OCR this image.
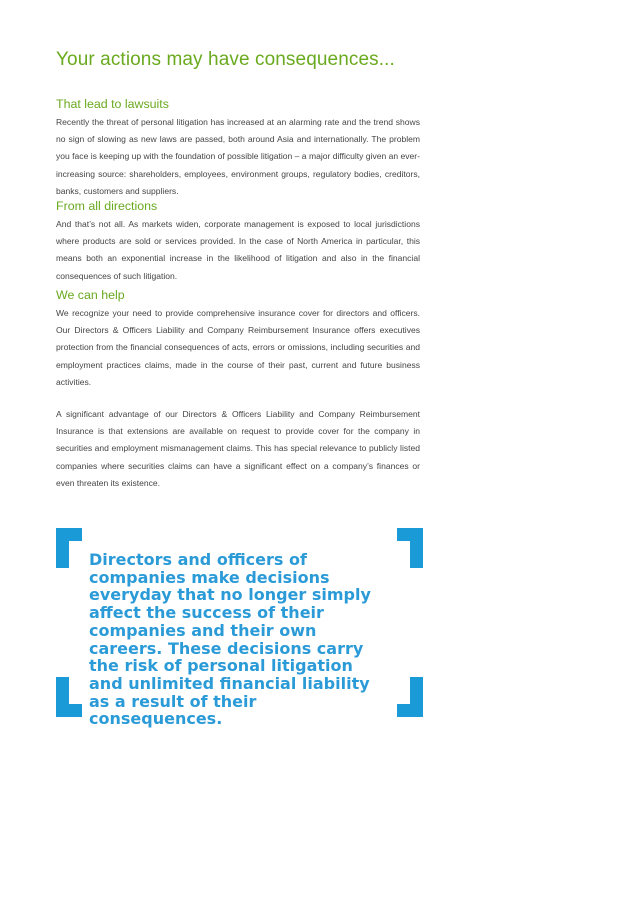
Your actions may have consequences...
That lead to lawsuits

Recently the threat of personal litigation has increased at an alarming rate and the trend shows no sign of slowing as new laws are passed, both around Asia and internationally. The problem you face is keeping up with the foundation of possible litigation – a major difficulty given an ever-increasing source: shareholders, employees, environment groups, regulatory bodies, creditors, banks, customers and suppliers.

From all directions

And that’s not all. As markets widen, corporate management is exposed to local jurisdictions where products are sold or services provided. In the case of North America in particular, this means both an exponential increase in the likelihood of litigation and also in the financial consequences of such litigation.

We can help

We recognize your need to provide comprehensive insurance cover for directors and officers. Our Directors & Officers Liability and Company Reimbursement Insurance offers executives protection from the financial consequences of acts, errors or omissions, including securities and employment practices claims, made in the course of their past, current and future business activities.

A significant advantage of our Directors & Officers Liability and Company Reimbursement Insurance is that extensions are available on request to provide cover for the company in securities and employment mismanagement claims. This has special relevance to publicly listed companies where securities claims can have a significant effect on a company’s finances or even threaten its existence.

Directors and officers of companies make decisions everyday that no longer simply affect the success of their companies and their own careers. These decisions carry the risk of personal litigation and unlimited financial liability as a result of their consequences.
